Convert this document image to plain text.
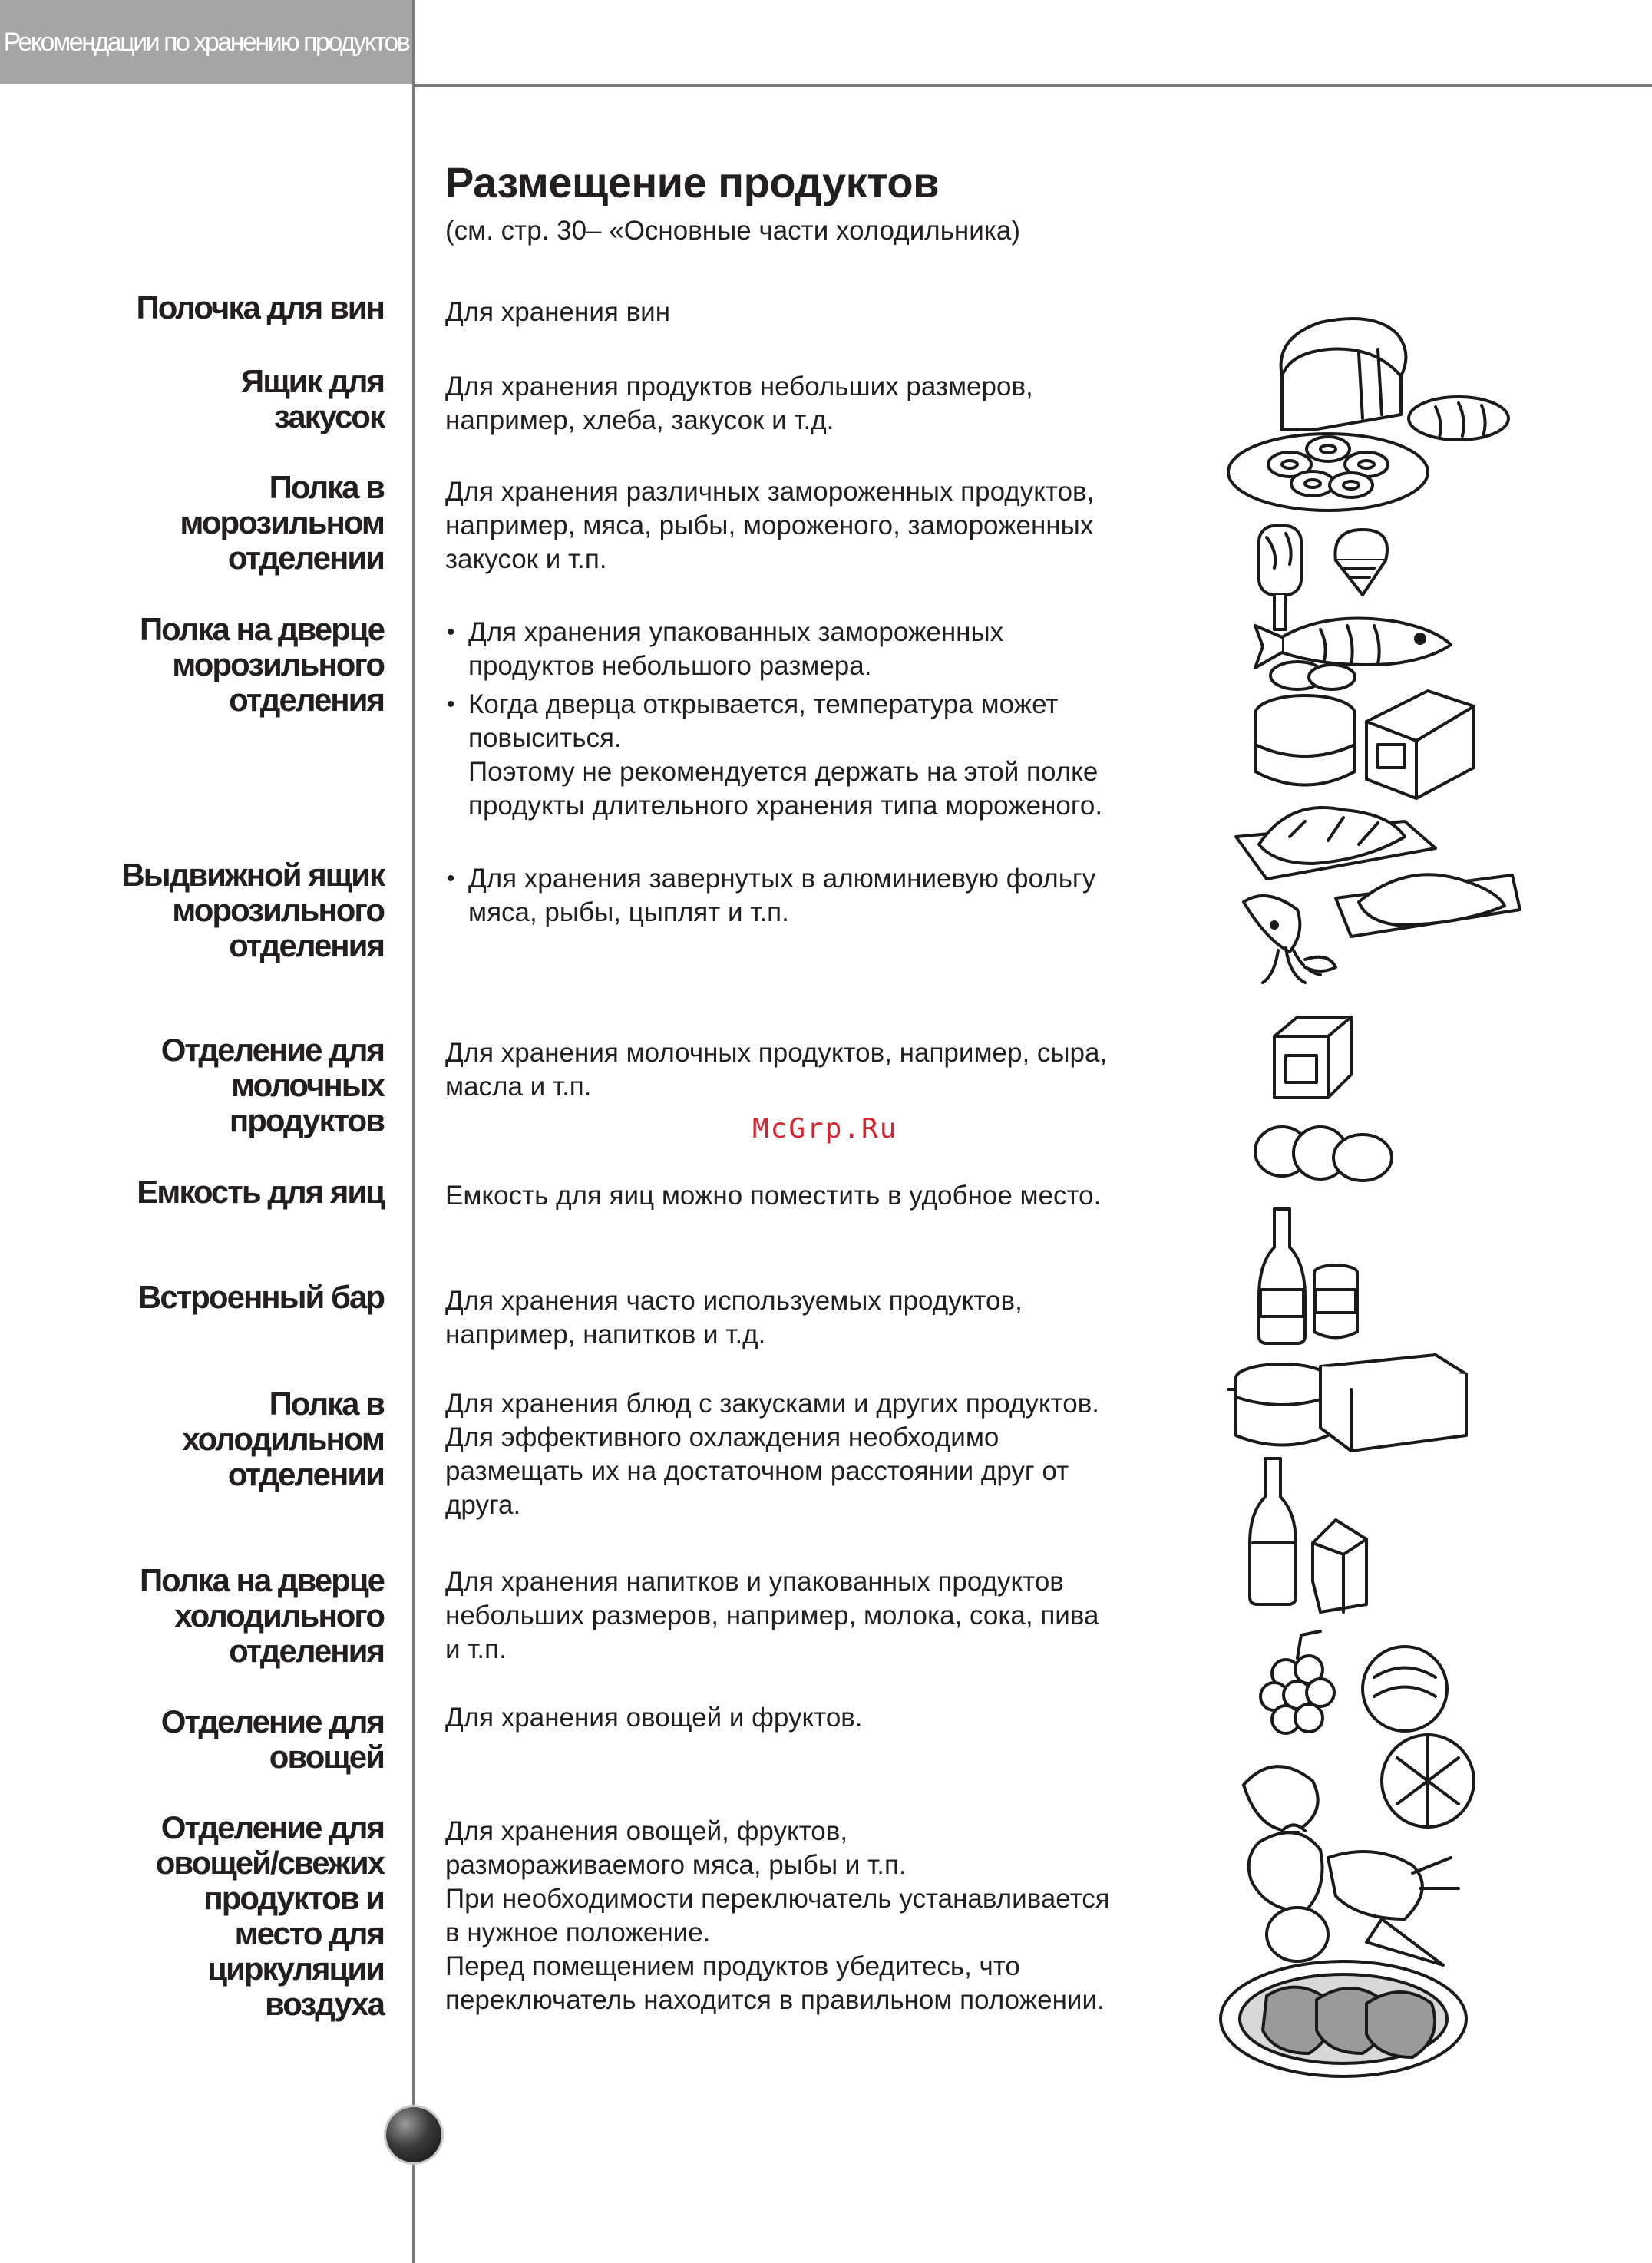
Рекомендации по хранению продуктов
Размещение продуктов
(см. стр. 30– «Основные части холодильника)
McGrp.Ru
Полочка для вин Для хранения вин
Ящик для
закусок
Для хранения продуктов небольших размеров,
например, хлеба, закусок и т.д.
Полка в
морозильном
отделении
Для хранения различных замороженных продуктов,
например, мяса, рыбы, мороженого, замороженных
закусок и т.п.
Полка на дверце
морозильного
отделения
• Для хранения упакованных замороженных
продуктов небольшого размера.
• Когда дверца открывается, температура может
повыситься.
Поэтому не рекомендуется держать на этой полке
продукты длительного хранения типа мороженого.
Выдвижной ящик
морозильного
отделения
• Для хранения завернутых в алюминиевую фольгу
мяса, рыбы, цыплят и т.п.
Отделение для
молочных
продуктов
Для хранения молочных продуктов, например, сыра,
масла и т.п.
Емкость для яиц Емкость для яиц можно поместить в удобное место.
Встроенный бар Для хранения часто используемых продуктов,
например, напитков и т.д.
Полка в
холодильном
отделении
Для хранения блюд с закусками и других продуктов.
Для эффективного охлаждения необходимо
размещать их на достаточном расстоянии друг от
друга.
Полка на дверце
холодильного
отделения
Для хранения напитков и упакованных продуктов
небольших размеров, например, молока, сока, пива
и т.п.
Отделение для
овощей
Для хранения овощей и фруктов.
Отделение для
овощей/свежих
продуктов и
место для
циркуляции
воздуха
Для хранения овощей, фруктов,
размораживаемого мяса, рыбы и т.п.
При необходимости переключатель устанавливается
в нужное положение.
Перед помещением продуктов убедитесь, что
переключатель находится в правильном положении.
